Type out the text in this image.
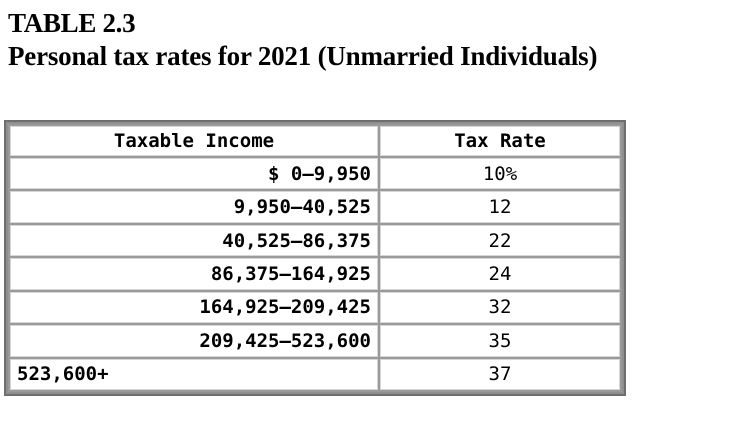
TABLE 2.3
Personal tax rates for 2021 (Unmarried Individuals)
Taxable Income	Tax Rate
$ 0–9,950	10%
9,950–40,525	12
40,525–86,375	22
86,375–164,925	24
164,925–209,425	32
209,425–523,600	35
523,600+	37
